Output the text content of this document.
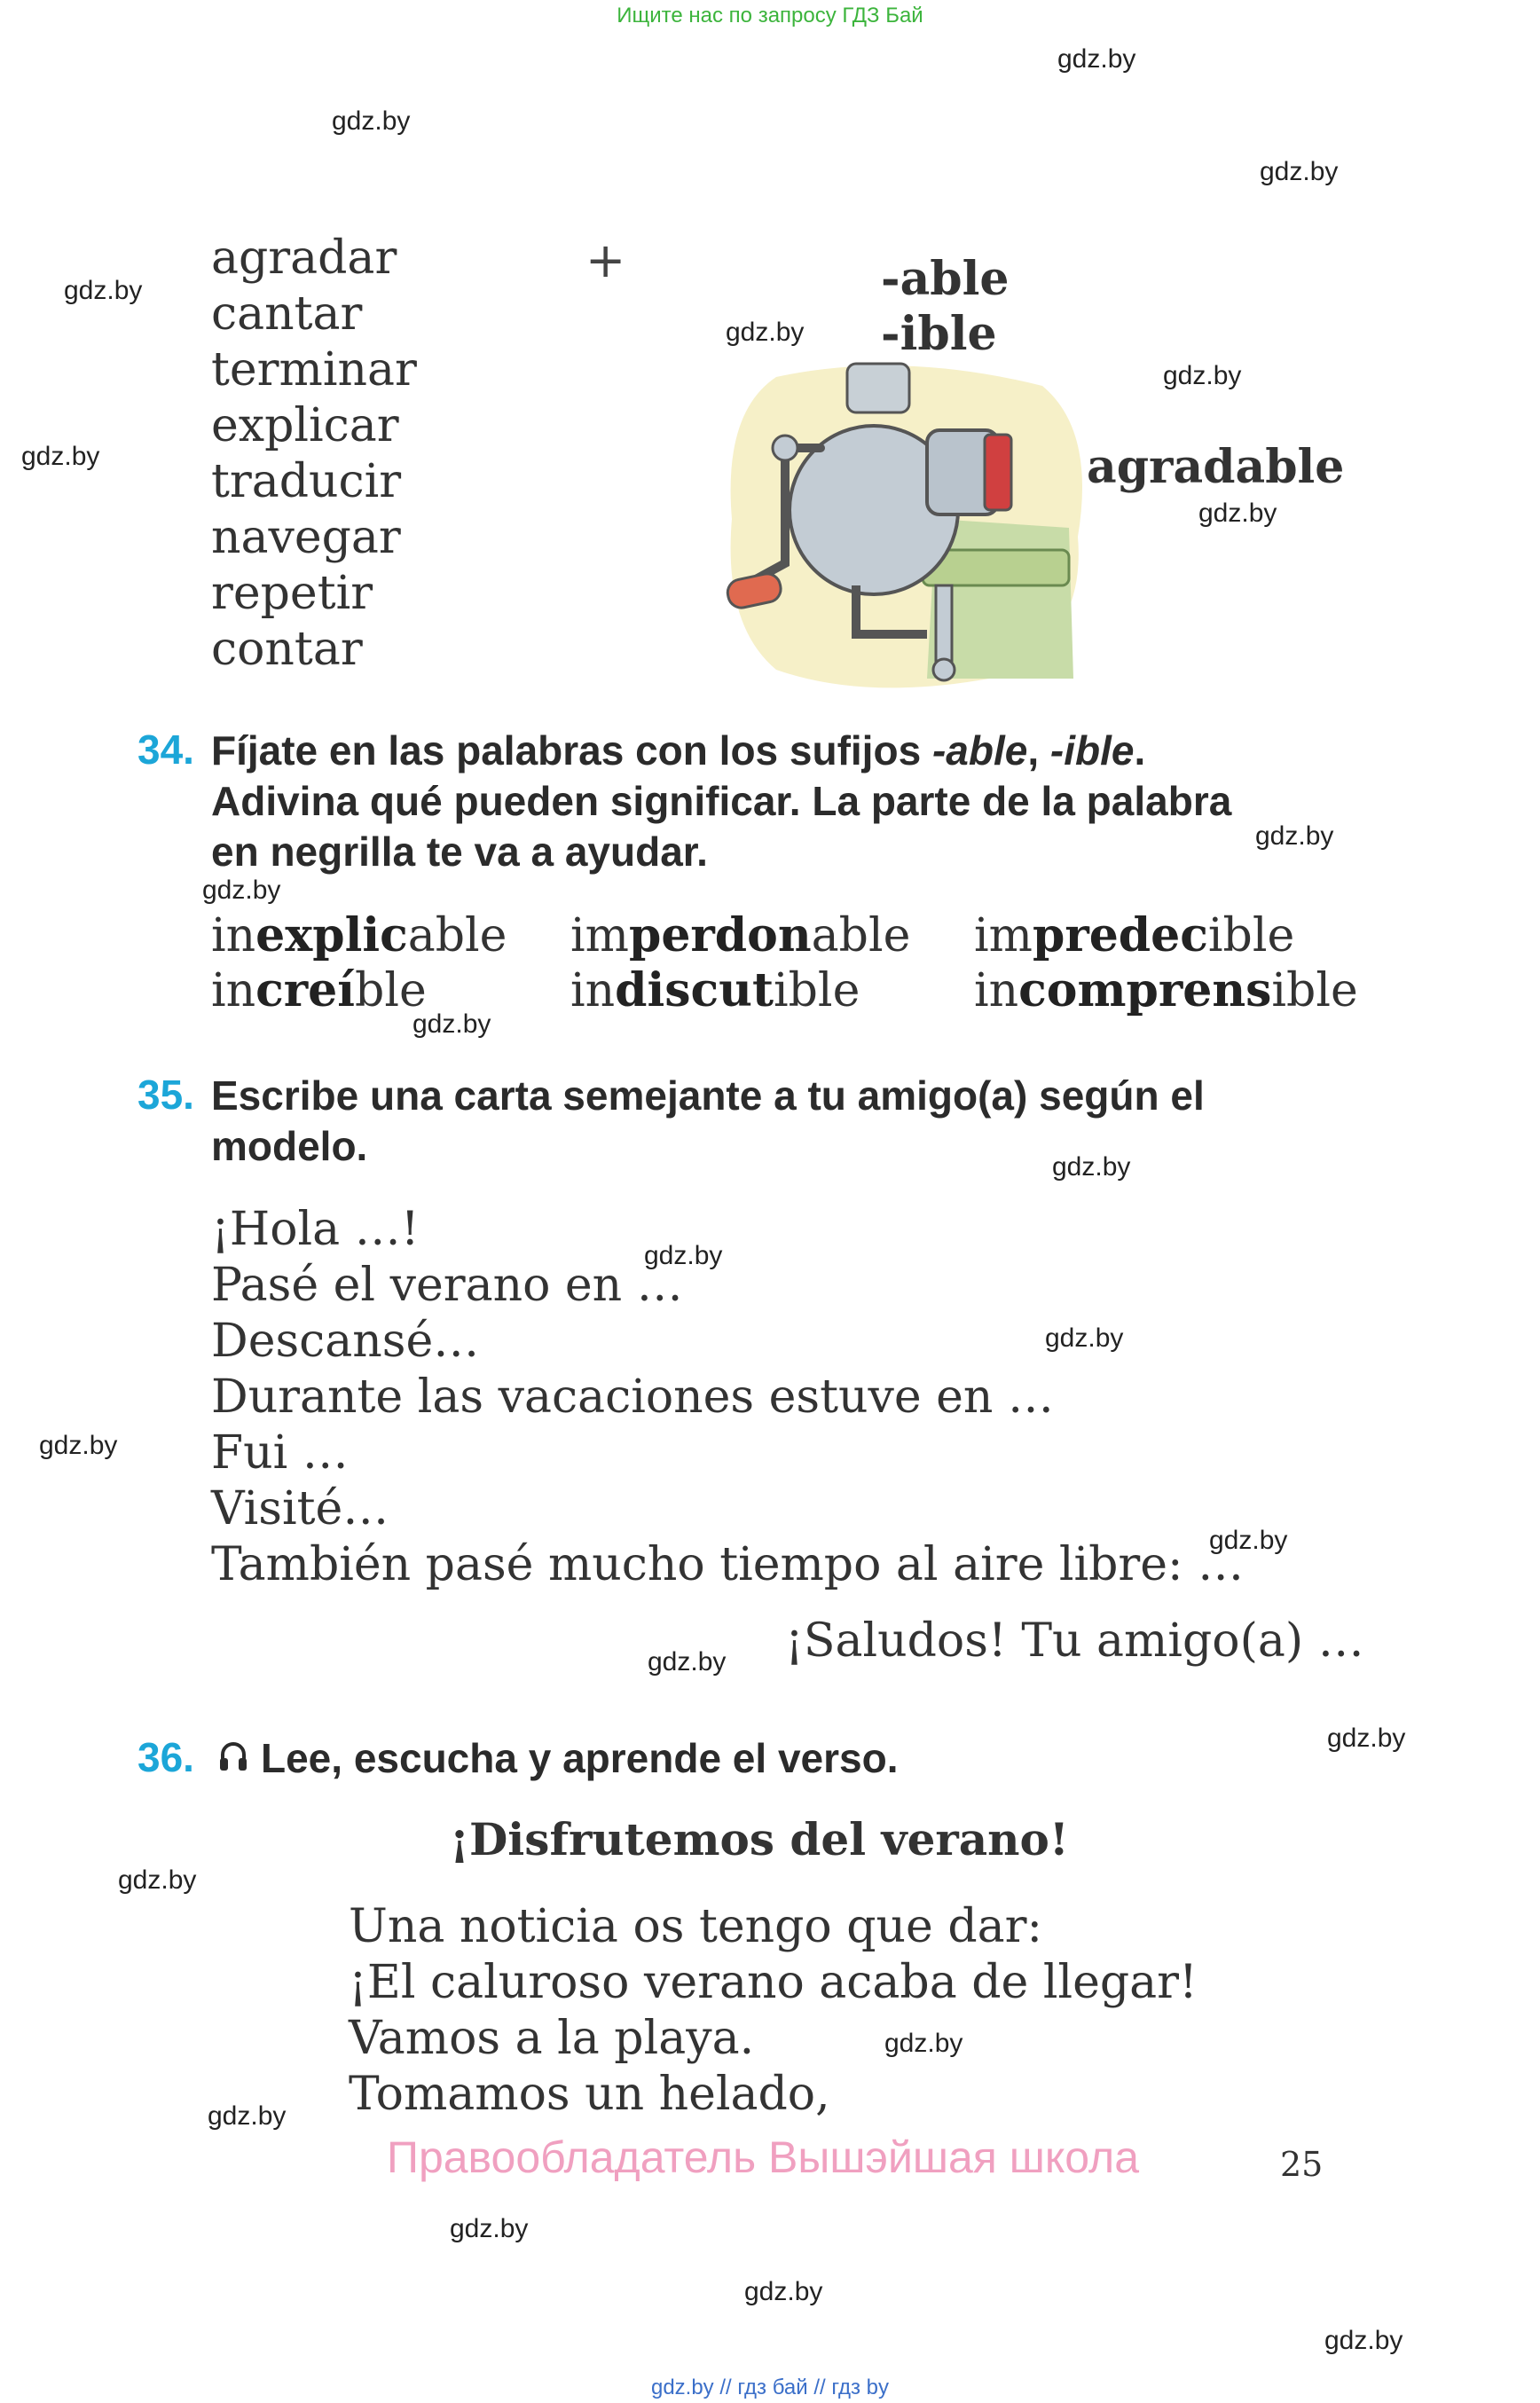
Ищите нас по запросу ГДЗ Бай
gdz.by
gdz.by
gdz.by
gdz.by
gdz.by
gdz.by
gdz.by
gdz.by
gdz.by
gdz.by
gdz.by
gdz.by
gdz.by
gdz.by
gdz.by
gdz.by
gdz.by
gdz.by
gdz.by
gdz.by
gdz.by
gdz.by
gdz.by
gdz.by
agradar
cantar
terminar
explicar
traducir
navegar
repetir
contar
+	-able
-ible
agradable
34. Fíjate en las palabras con los sufijos -able, -ible.
Adivina qué pueden significar. La parte de la palabra
en negrilla te va a ayudar.
inexplicable imperdonable impredecible
increíble	indiscutible incomprensible
35. Escribe una carta semejante a tu amigo(a) según el
modelo.
¡Hola …!
Pasé el verano en …
Descansé…
Durante las vacaciones estuve en …
Fui …
Visité…
También pasé mucho tiempo al aire libre: …
¡Saludos! Tu amigo(a) …
36. Lee, escucha y aprende el verso.
¡Disfrutemos del verano!
Una noticia os tengo que dar:
¡El caluroso verano acaba de llegar!
Vamos a la playa.
Tomamos un helado,
Правообладатель Вышэйшая школа	25
gdz.by // гдз бай // гдз by
